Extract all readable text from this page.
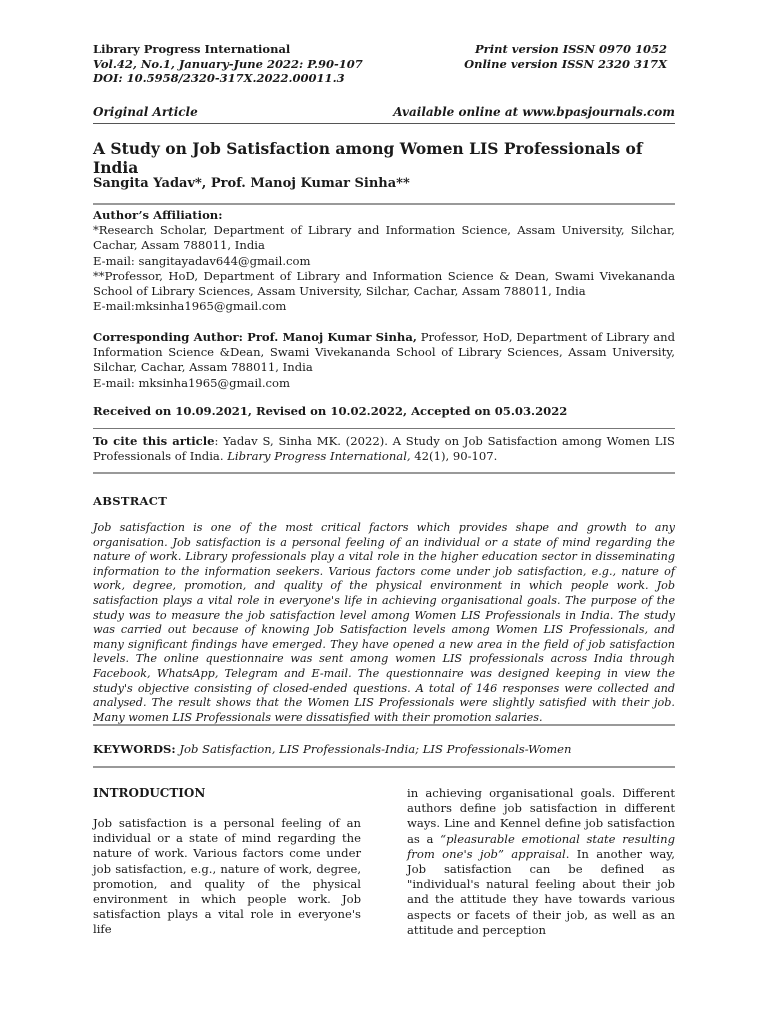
Library Progress International
Vol.42, No.1, January-June 2022: P.90-107
DOI: 10.5958/2320-317X.2022.00011.3
Print version ISSN 0970 1052
Online version ISSN 2320 317X
Original Article	Available online at www.bpasjournals.com
A Study on Job Satisfaction among Women LIS Professionals of India
Sangita Yadav*, Prof. Manoj Kumar Sinha**

Author’s Affiliation:

*Research Scholar, Department of Library and Information Science, Assam University, Silchar, Cachar, Assam 788011, India

E-mail: sangitayadav644@gmail.com

**Professor, HoD, Department of Library and Information Science & Dean, Swami Vivekananda School of Library Sciences, Assam University, Silchar, Cachar, Assam 788011, India

E-mail:mksinha1965@gmail.com

Corresponding Author: Prof. Manoj Kumar Sinha, Professor, HoD, Department of Library and Information Science &Dean, Swami Vivekananda School of Library Sciences, Assam University, Silchar, Cachar, Assam 788011, India

E-mail: mksinha1965@gmail.com

Received on 10.09.2021, Revised on 10.02.2022, Accepted on 05.03.2022

To cite this article: Yadav S, Sinha MK. (2022). A Study on Job Satisfaction among Women LIS Professionals of India. Library Progress International, 42(1), 90-107.

ABSTRACT
Job satisfaction is one of the most critical factors which provides shape and growth to any organisation. Job satisfaction is a personal feeling of an individual or a state of mind regarding the nature of work. Library professionals play a vital role in the higher education sector in disseminating information to the information seekers. Various factors come under job satisfaction, e.g., nature of work, degree, promotion, and quality of the physical environment in which people work. Job satisfaction plays a vital role in everyone's life in achieving organisational goals. The purpose of the study was to measure the job satisfaction level among Women LIS Professionals in India. The study was carried out because of knowing Job Satisfaction levels among Women LIS Professionals, and many significant findings have emerged. They have opened a new area in the field of job satisfaction levels. The online questionnaire was sent among women LIS professionals across India through Facebook, WhatsApp, Telegram and E-mail. The questionnaire was designed keeping in view the study's objective consisting of closed-ended questions. A total of 146 responses were collected and analysed. The result shows that the Women LIS Professionals were slightly satisfied with their job. Many women LIS Professionals were dissatisfied with their promotion salaries.
KEYWORDS: Job Satisfaction, LIS Professionals-India; LIS Professionals-Women
INTRODUCTION

Job satisfaction is a personal feeling of an individual or a state of mind regarding the nature of work. Various factors come under job satisfaction, e.g., nature of work, degree, promotion, and quality of the physical environment in which people work. Job satisfaction plays a vital role in everyone's life

in achieving organisational goals. Different authors define job satisfaction in different ways. Line and Kennel define job satisfaction as a “pleasurable emotional state resulting from one's job” appraisal. In another way, Job satisfaction can be defined as "individual's natural feeling about their job and the attitude they have towards various aspects or facets of their job, as well as an attitude and perception
